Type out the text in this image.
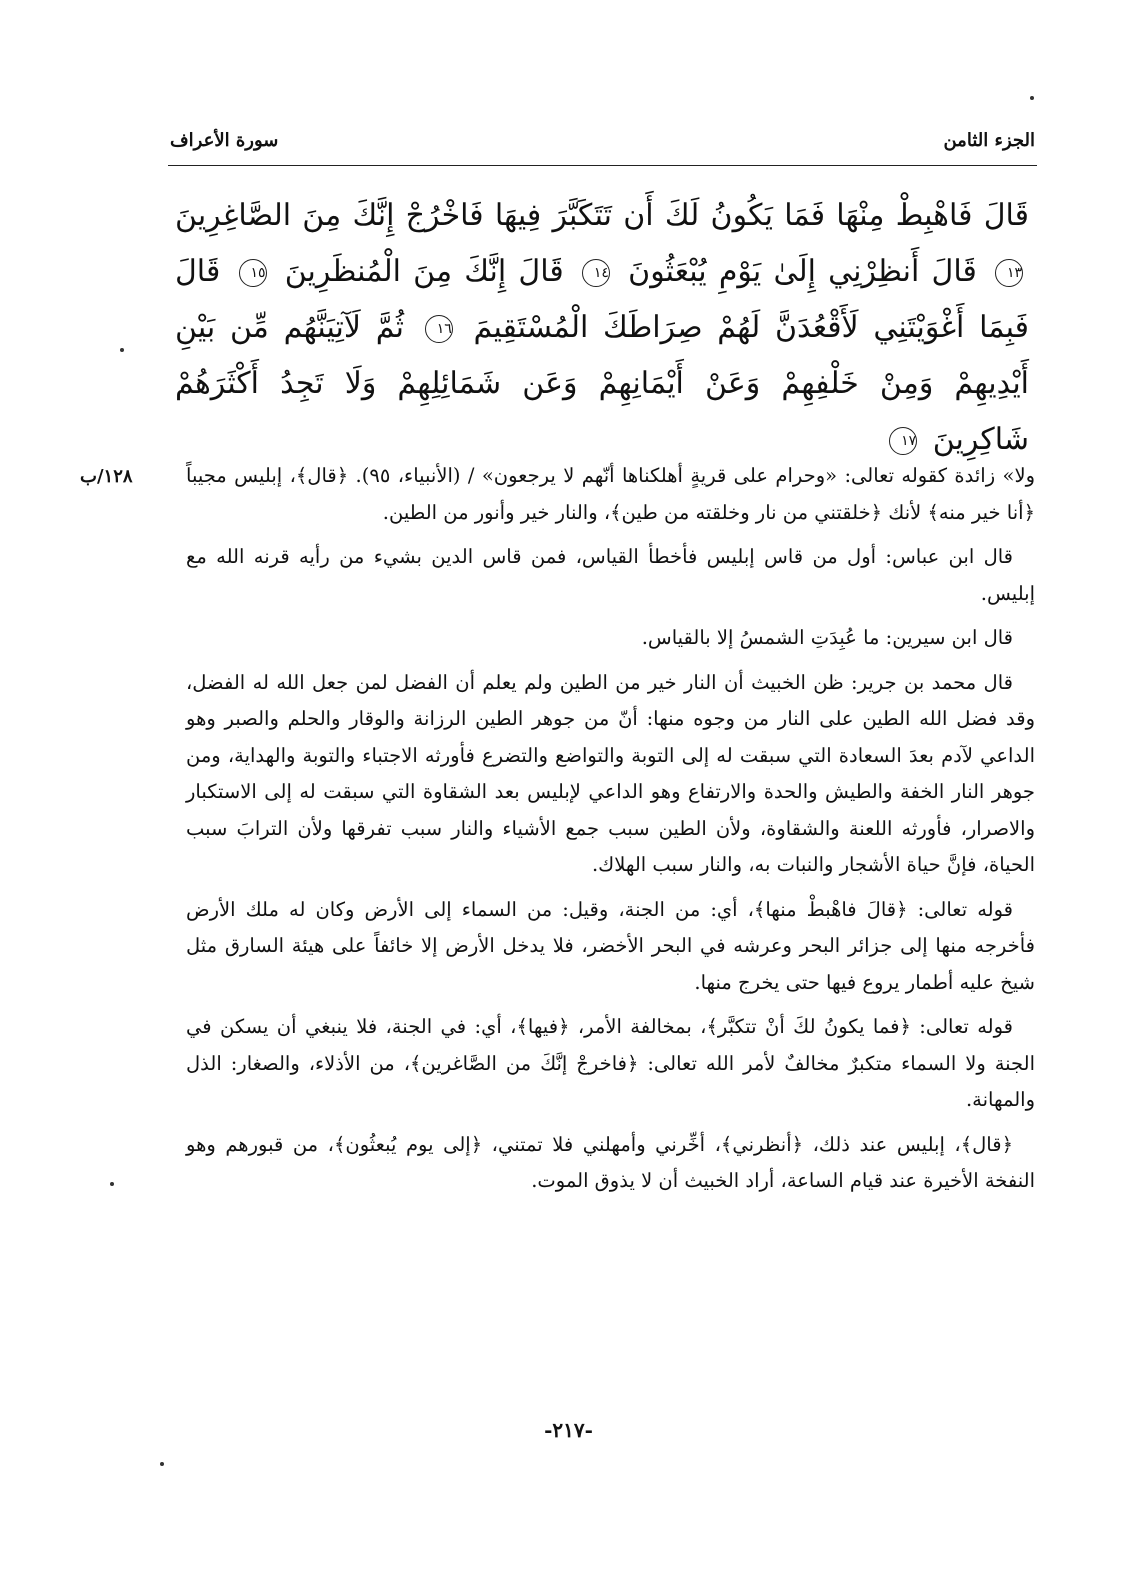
الجزء الثامن
سورة الأعراف
قَالَ فَاهْبِطْ مِنْهَا فَمَا يَكُونُ لَكَ أَن تَتَكَبَّرَ فِيهَا فَاخْرُجْ إِنَّكَ مِنَ الصَّاغِرِينَ ١٣ قَالَ أَنظِرْنِي إِلَىٰ يَوْمِ يُبْعَثُونَ ١٤ قَالَ إِنَّكَ مِنَ الْمُنظَرِينَ ١٥ قَالَ فَبِمَا أَغْوَيْتَنِي لَأَقْعُدَنَّ لَهُمْ صِرَاطَكَ الْمُسْتَقِيمَ ١٦ ثُمَّ لَآتِيَنَّهُم مِّن بَيْنِ أَيْدِيهِمْ وَمِنْ خَلْفِهِمْ وَعَنْ أَيْمَانِهِمْ وَعَن شَمَائِلِهِمْ وَلَا تَجِدُ أَكْثَرَهُمْ شَاكِرِينَ ١٧
١٢٨/ب	ولا» زائدة كقوله تعالى: «وحرام على قريةٍ أهلكناها أنّهم لا يرجعون» / (الأنبياء، ٩٥). ﴿قال﴾، إبليس مجيباً ﴿أنا خير منه﴾ لأنك ﴿خلقتني من نار وخلقته من طين﴾، والنار خير وأنور من الطين.

قال ابن عباس: أول من قاس إبليس فأخطأ القياس، فمن قاس الدين بشيء من رأيه قرنه الله مع إبليس.

قال ابن سيرين: ما عُبِدَتِ الشمسُ إلا بالقياس.

قال محمد بن جرير: ظن الخبيث أن النار خير من الطين ولم يعلم أن الفضل لمن جعل الله له الفضل، وقد فضل الله الطين على النار من وجوه منها: أنّ من جوهر الطين الرزانة والوقار والحلم والصبر وهو الداعي لآدم بعدَ السعادة التي سبقت له إلى التوبة والتواضع والتضرع فأورثه الاجتباء والتوبة والهداية، ومن جوهر النار الخفة والطيش والحدة والارتفاع وهو الداعي لإبليس بعد الشقاوة التي سبقت له إلى الاستكبار والاصرار، فأورثه اللعنة والشقاوة، ولأن الطين سبب جمع الأشياء والنار سبب تفرقها ولأن الترابَ سبب الحياة، فإنَّ حياة الأشجار والنبات به، والنار سبب الهلاك.

قوله تعالى: ﴿قالَ فاهْبطْ منها﴾، أي: من الجنة، وقيل: من السماء إلى الأرض وكان له ملك الأرض فأخرجه منها إلى جزائر البحر وعرشه في البحر الأخضر، فلا يدخل الأرض إلا خائفاً على هيئة السارق مثل شيخ عليه أطمار يروع فيها حتى يخرج منها.

قوله تعالى: ﴿فما يكونُ لكَ أنْ تتكبَّر﴾، بمخالفة الأمر، ﴿فيها﴾، أي: في الجنة، فلا ينبغي أن يسكن في الجنة ولا السماء متكبرٌ مخالفٌ لأمر الله تعالى: ﴿فاخرجْ إنَّكَ من الصَّاغرين﴾، من الأذلاء، والصغار: الذل والمهانة.

﴿قال﴾، إبليس عند ذلك، ﴿أنظرني﴾، أخِّرني وأمهلني فلا تمتني، ﴿إلى يوم يُبعثُون﴾، من قبورهم وهو النفخة الأخيرة عند قيام الساعة، أراد الخبيث أن لا يذوق الموت.

-٢١٧-
